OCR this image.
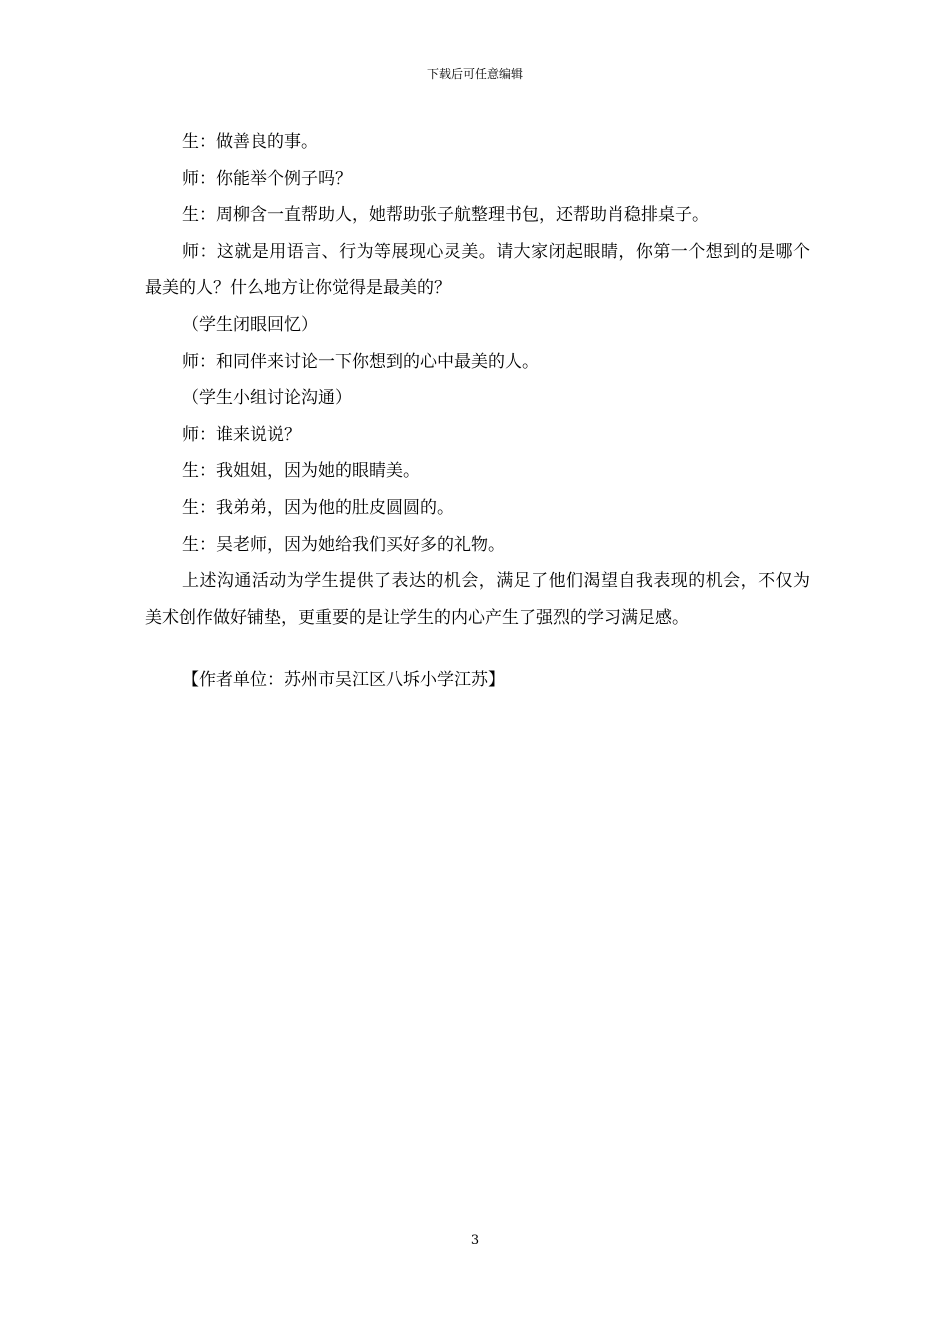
下载后可任意编辑

生：做善良的事。

师：你能举个例子吗？

生：周柳含一直帮助人，她帮助张子航整理书包，还帮助肖稳排桌子。

师：这就是用语言、行为等展现心灵美。请大家闭起眼睛，你第一个想到的是哪个最美的人？什么地方让你觉得是最美的？

（学生闭眼回忆）

师：和同伴来讨论一下你想到的心中最美的人。

（学生小组讨论沟通）

师：谁来说说？

生：我姐姐，因为她的眼睛美。

生：我弟弟，因为他的肚皮圆圆的。

生：吴老师，因为她给我们买好多的礼物。

上述沟通活动为学生提供了表达的机会，满足了他们渴望自我表现的机会，不仅为美术创作做好铺垫，更重要的是让学生的内心产生了强烈的学习满足感。

【作者单位：苏州市吴江区八坼小学江苏】

3
